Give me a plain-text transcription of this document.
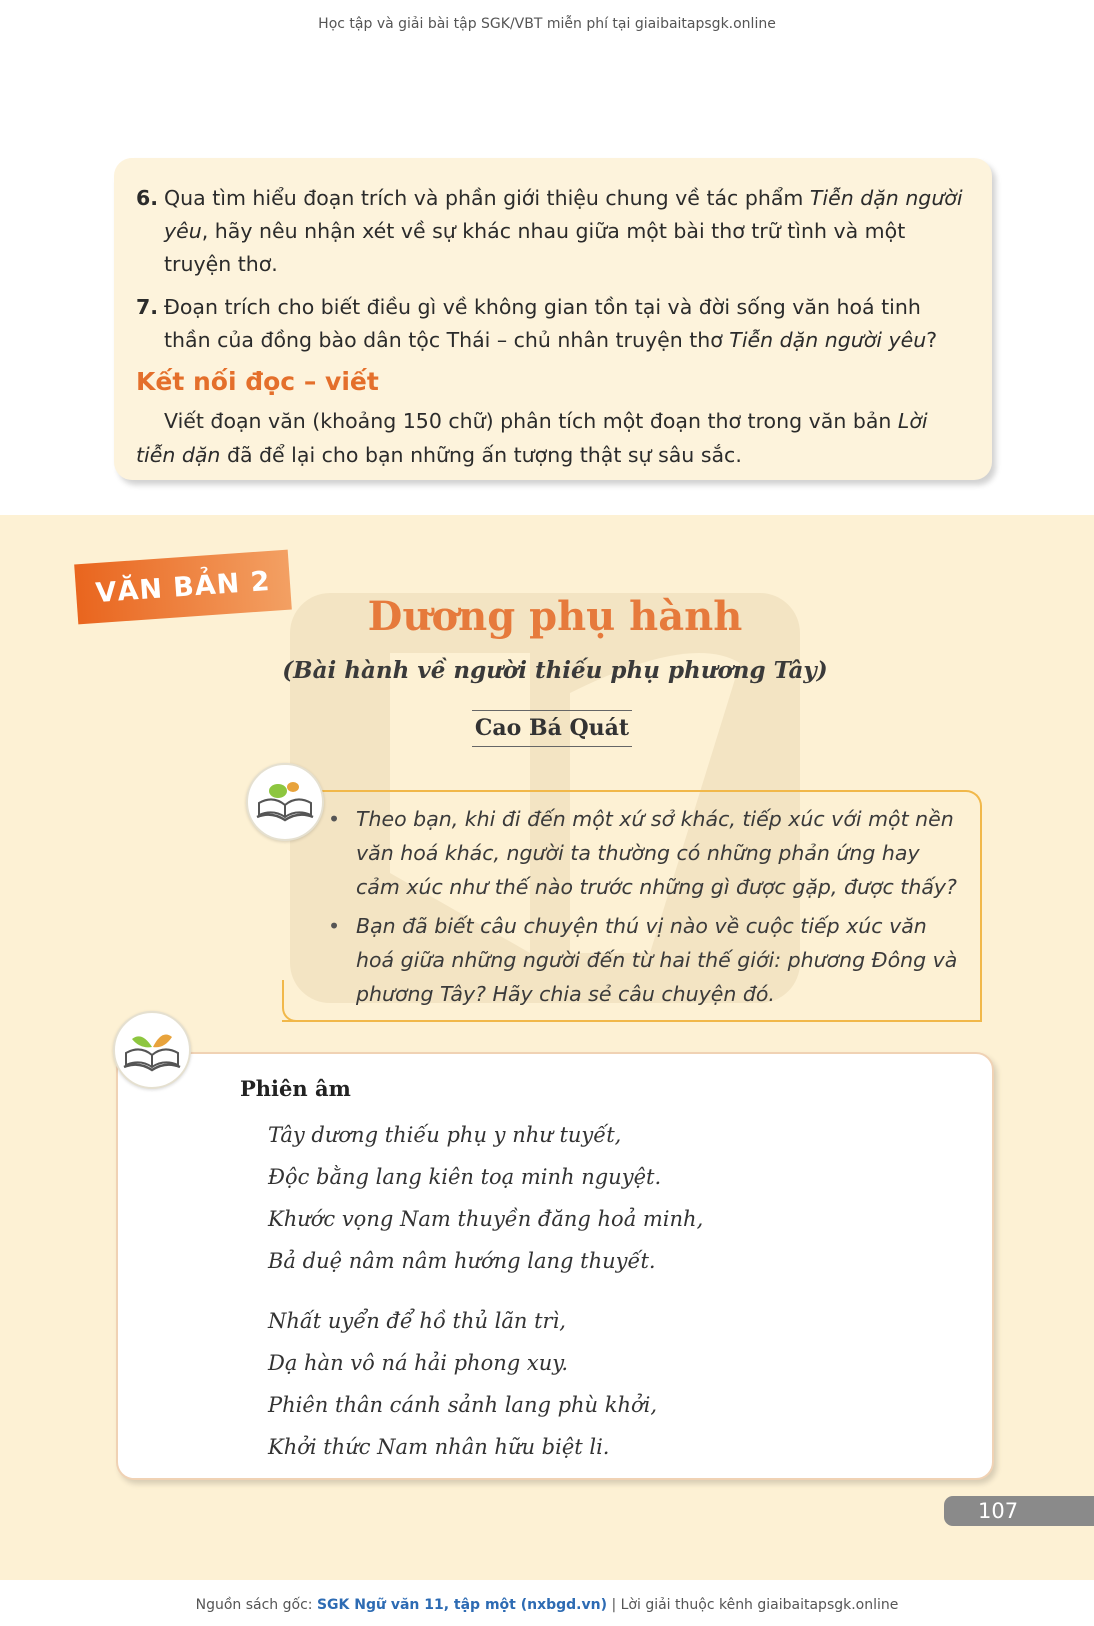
Học tập và giải bài tập SGK/VBT miễn phí tại giaibaitapsgk.online
6. Qua tìm hiểu đoạn trích và phần giới thiệu chung về tác phẩm Tiễn dặn người yêu, hãy nêu nhận xét về sự khác nhau giữa một bài thơ trữ tình và một truyện thơ.
7. Đoạn trích cho biết điều gì về không gian tồn tại và đời sống văn hoá tinh thần của đồng bào dân tộc Thái – chủ nhân truyện thơ Tiễn dặn người yêu?
Kết nối đọc – viết
Viết đoạn văn (khoảng 150 chữ) phân tích một đoạn thơ trong văn bản Lời tiễn dặn đã để lại cho bạn những ấn tượng thật sự sâu sắc.
VĂN BẢN 2
Dương phụ hành
(Bài hành về người thiếu phụ phương Tây)
Cao Bá Quát
• Theo bạn, khi đi đến một xứ sở khác, tiếp xúc với một nền văn hoá khác, người ta thường có những phản ứng hay cảm xúc như thế nào trước những gì được gặp, được thấy?
• Bạn đã biết câu chuyện thú vị nào về cuộc tiếp xúc văn hoá giữa những người đến từ hai thế giới: phương Đông và phương Tây? Hãy chia sẻ câu chuyện đó.
Phiên âm
Tây dương thiếu phụ y như tuyết,
Độc bằng lang kiên toạ minh nguyệt.
Khước vọng Nam thuyền đăng hoả minh,
Bả duệ nâm nâm hướng lang thuyết.
Nhất uyển để hồ thủ lãn trì,
Dạ hàn vô ná hải phong xuy.
Phiên thân cánh sảnh lang phù khởi,
Khởi thức Nam nhân hữu biệt li.
107
Nguồn sách gốc: SGK Ngữ văn 11, tập một (nxbgd.vn) | Lời giải thuộc kênh giaibaitapsgk.online
